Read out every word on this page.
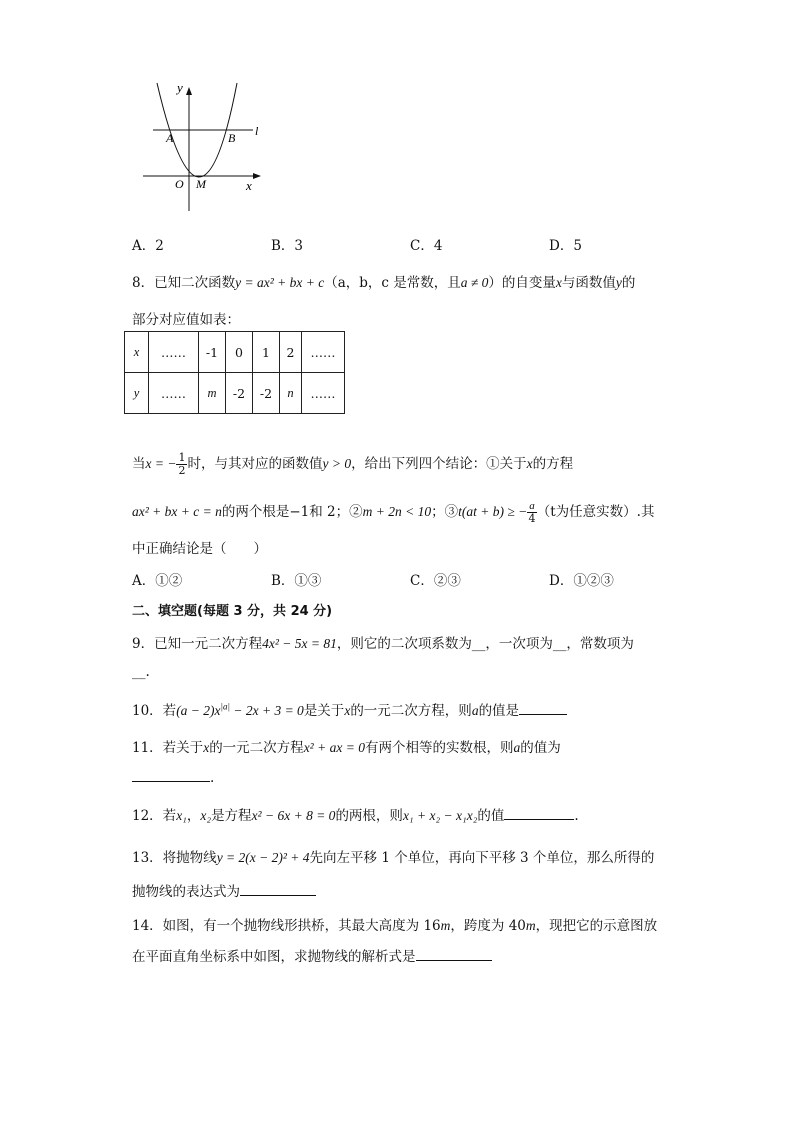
y
x
O M
A	B l
A．2	B．3	C．4	D．5
8．已知二次函数y = ax² + bx + c（a，b，c 是常数，且a ≠ 0）的自变量x与函数值y的
部分对应值如表：
x	……	-1	0	1	2	……
y	……	m	-2	-2	n	……
当x = − $\frac{1}{2}$ 时，与其对应的函数值y > 0，给出下列四个结论：①关于x的方程
ax² + bx + c = n的两个根是−1和 2；②m + 2n < 10；③t(at + b) ≥ − $\frac{a}{4} (t$为任意实数）.其
中正确结论是（　　）
A．①②	B．①③	C．②③	D．①②③
二、填空题(每题 3 分，共 24 分)
9．已知一元二次方程4x² − 5x = 81，则它的二次项系数为__，一次项为__，常数项为
__.
10．若$(a - 2)x^{|a|} - 2x + 3 = 0$是关于x的一元二次方程，则a的值是
11．若关于x的一元二次方程x² + ax = 0有两个相等的实数根，则a的值为
.
12．若x₁，x₂是方程x² − 6x + 8 = 0的两根，则x₁ + x₂ − x₁x₂的值	.
13．将抛物线y = 2(x − 2)² + 4先向左平移 1 个单位，再向下平移 3 个单位，那么所得的
抛物线的表达式为
14．如图，有一个抛物线形拱桥，其最大高度为 16m，跨度为 40m，现把它的示意图放
在平面直角坐标系中如图，求抛物线的解析式是
